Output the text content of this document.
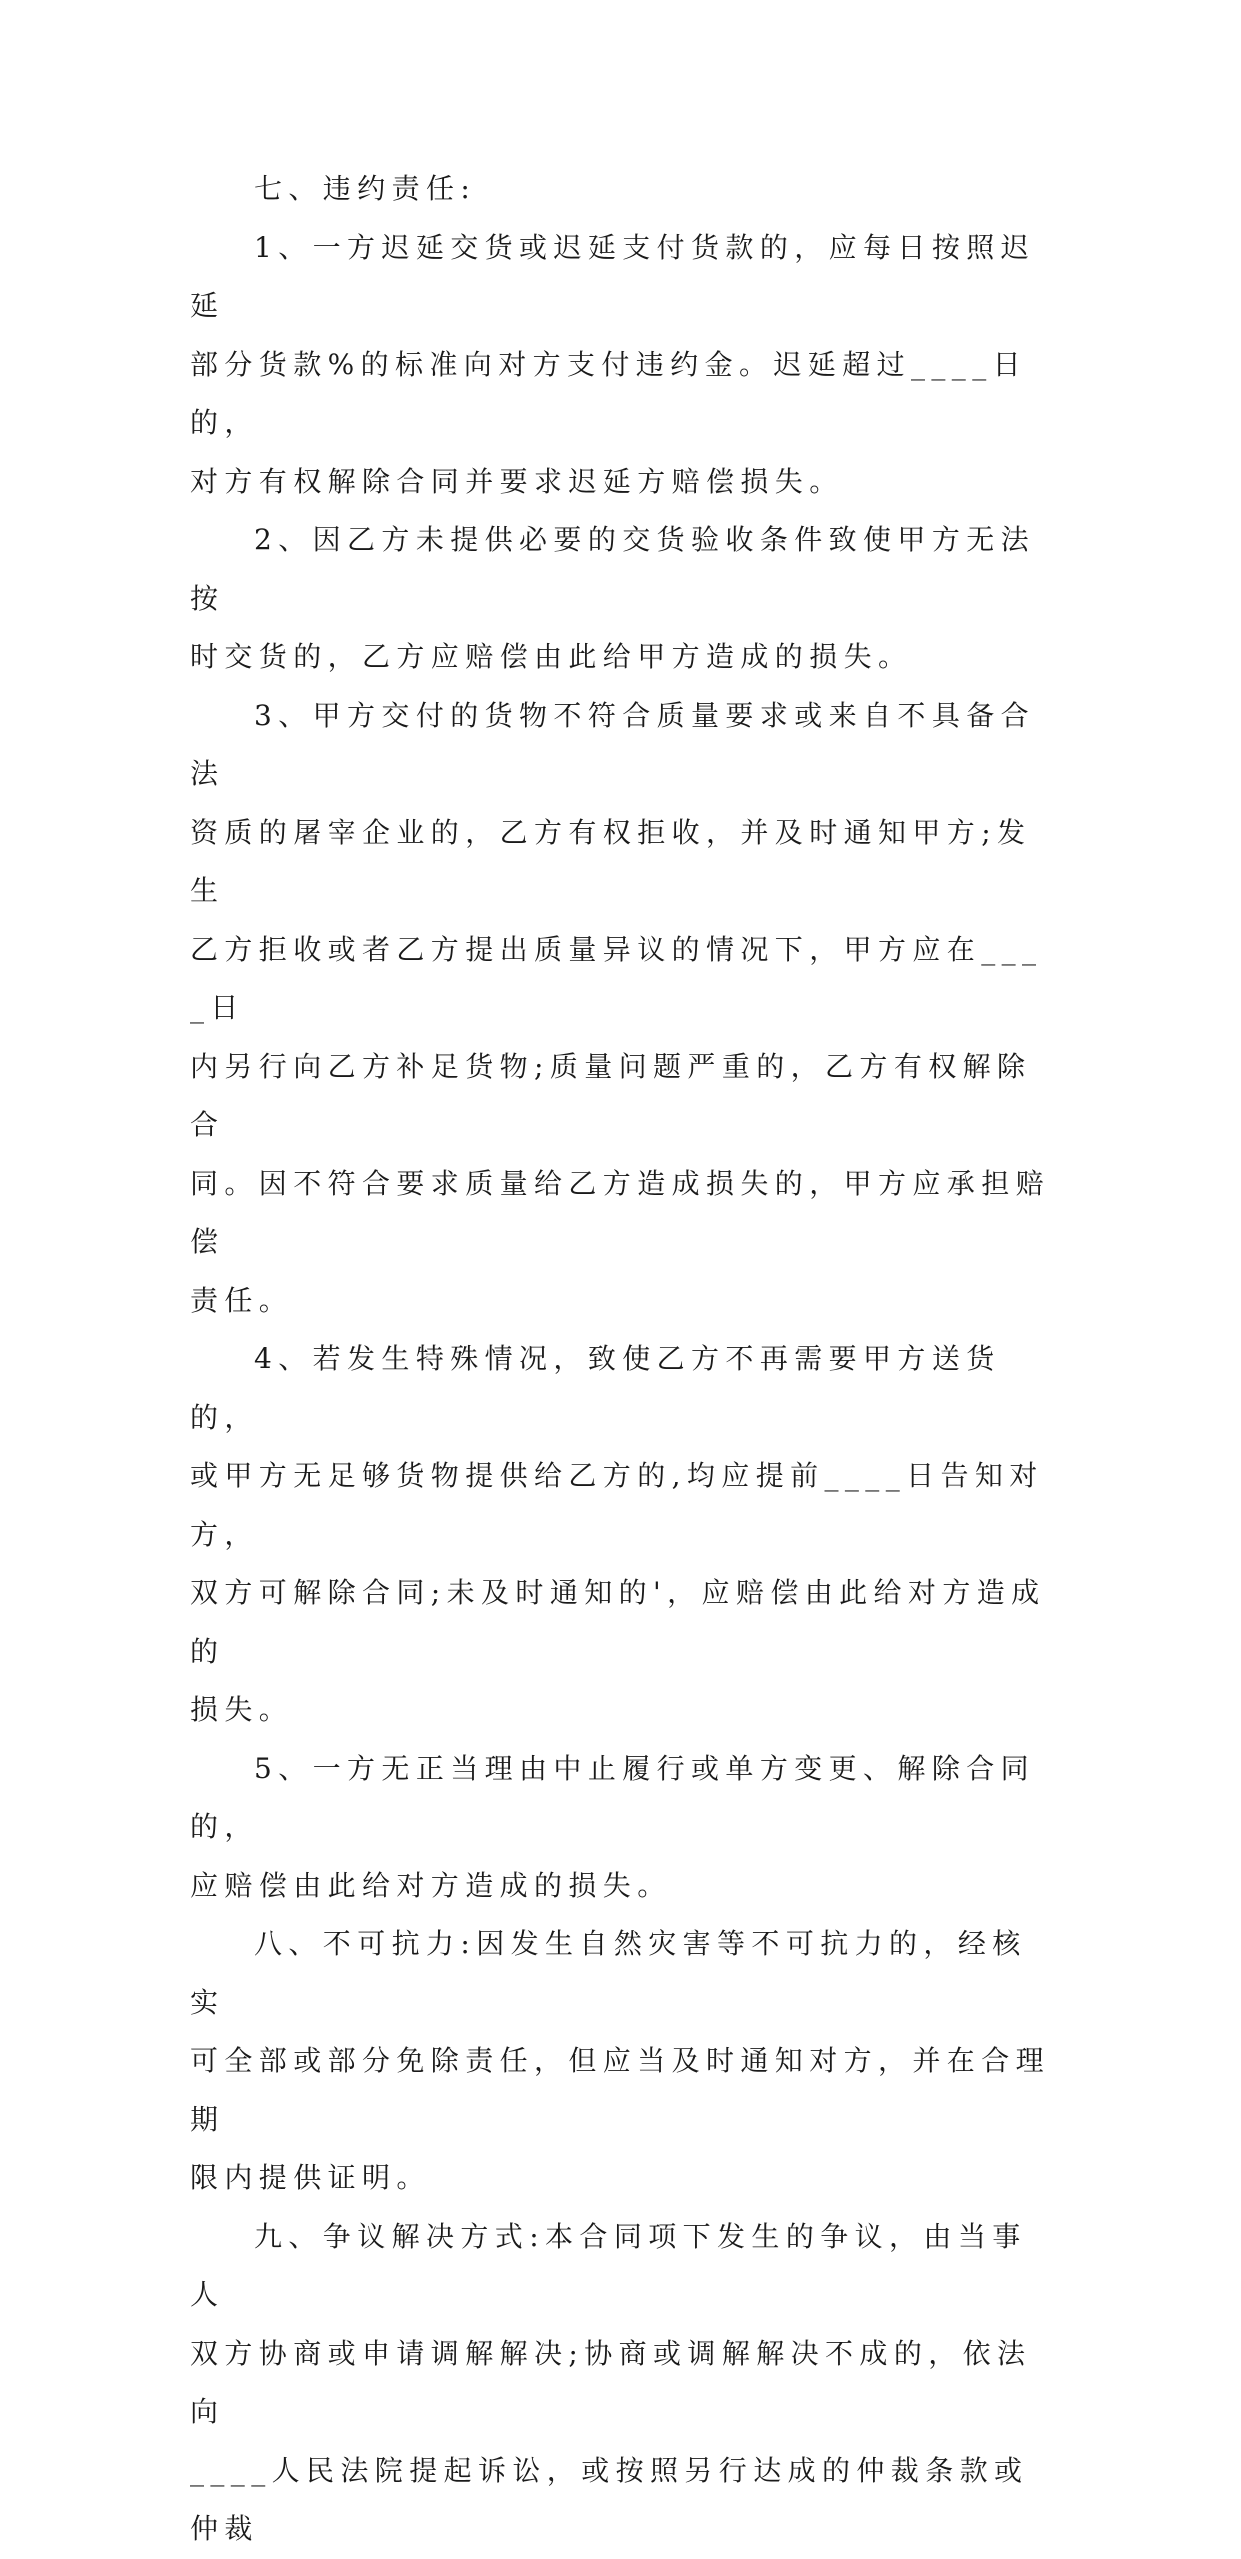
七、违约责任:

1、一方迟延交货或迟延支付货款的，应每日按照迟延
部分货款%的标准向对方支付违约金。迟延超过____日的，
对方有权解除合同并要求迟延方赔偿损失。

2、因乙方未提供必要的交货验收条件致使甲方无法按
时交货的，乙方应赔偿由此给甲方造成的损失。

3、甲方交付的货物不符合质量要求或来自不具备合法
资质的屠宰企业的，乙方有权拒收，并及时通知甲方;发生
乙方拒收或者乙方提出质量异议的情况下，甲方应在____日
内另行向乙方补足货物;质量问题严重的，乙方有权解除合
同。因不符合要求质量给乙方造成损失的，甲方应承担赔偿
责任。

4、若发生特殊情况，致使乙方不再需要甲方送货的，
或甲方无足够货物提供给乙方的,均应提前____日告知对方，
双方可解除合同;未及时通知的'，应赔偿由此给对方造成的
损失。

5、一方无正当理由中止履行或单方变更、解除合同的，
应赔偿由此给对方造成的损失。

八、不可抗力:因发生自然灾害等不可抗力的，经核实
可全部或部分免除责任，但应当及时通知对方，并在合理期
限内提供证明。

九、争议解决方式:本合同项下发生的争议，由当事人
双方协商或申请调解解决;协商或调解解决不成的，依法向
____人民法院提起诉讼，或按照另行达成的仲裁条款或仲裁
